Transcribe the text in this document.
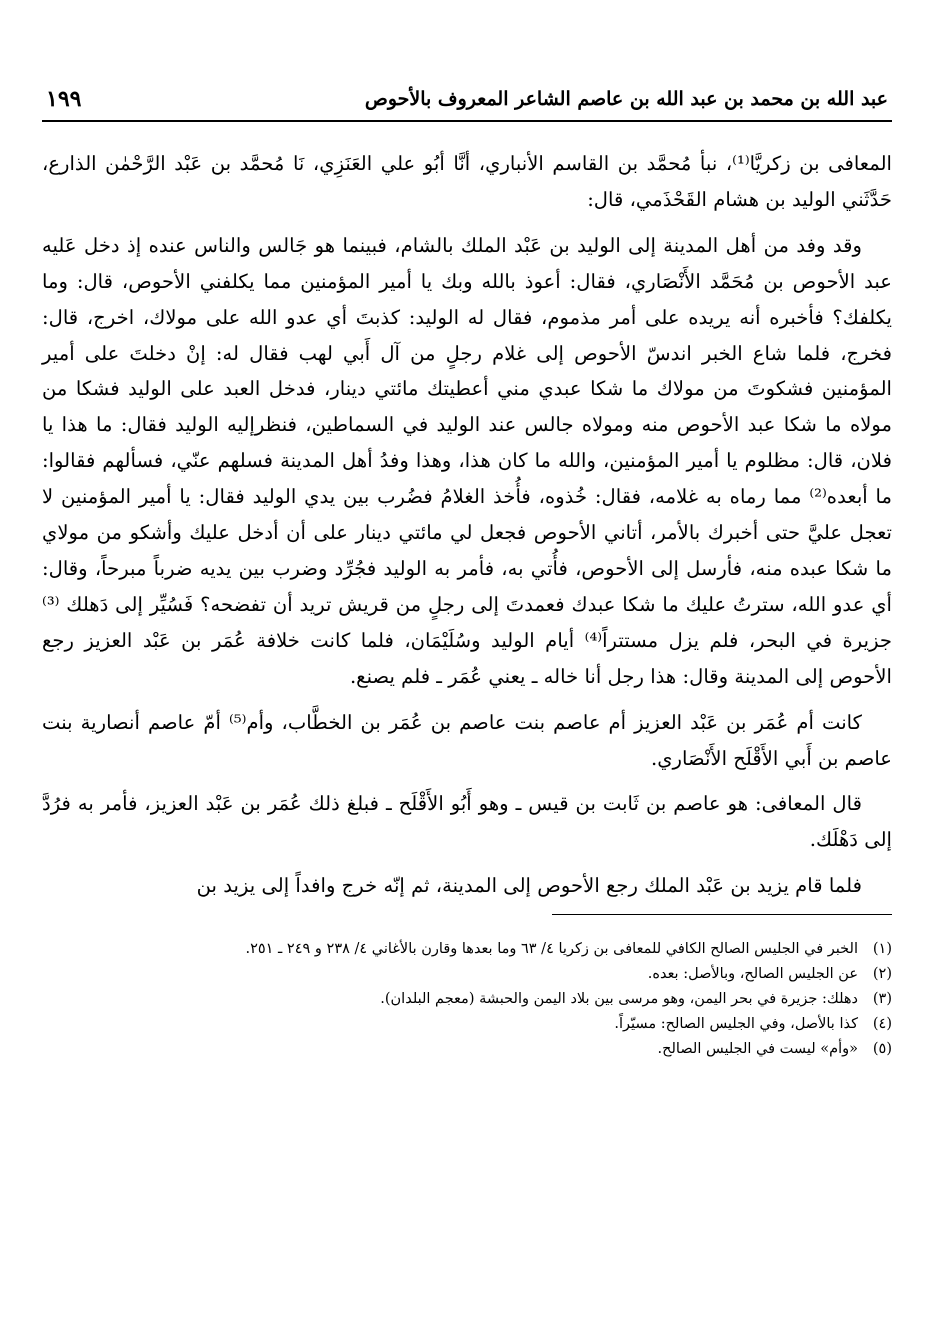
عبد الله بن محمد بن عبد الله بن عاصم الشاعر المعروف بالأحوص
١٩٩

المعافى بن زكريَّا⁽¹⁾، نبأ مُحمَّد بن القاسم الأنباري، أنَّا أبُو علي العَنَزِي، نَا مُحمَّد بن عَبْد الرَّحْمٰن الذارع، حَدَّثَني الوليد بن هشام القَحْذَمي، قال:

وقد وفد من أهل المدينة إلى الوليد بن عَبْد الملك بالشام، فبينما هو جَالس والناس عنده إذ دخل عَليه عبد الأحوص بن مُحَمَّد الأَنْصَاري، فقال: أعوذ بالله وبك يا أمير المؤمنين مما يكلفني الأحوص، قال: وما يكلفك؟ فأخبره أنه يريده على أمر مذموم، فقال له الوليد: كذبتَ أي عدو الله على مولاك، اخرج، قال: فخرج، فلما شاع الخبر اندسّ الأحوص إلى غلام رجلٍ من آل أَبي لهب فقال له: إنْ دخلتَ على أمير المؤمنين فشكوتَ من مولاك ما شكا عبدي مني أعطيتك مائتي دينار، فدخل العبد على الوليد فشكا من مولاه ما شكا عبد الأحوص منه ومولاه جالس عند الوليد في السماطين، فنظرإليه الوليد فقال: ما هذا يا فلان، قال: مظلوم يا أمير المؤمنين، والله ما كان هذا، وهذا وفدُ أهل المدينة فسلهم عنّي، فسألهم فقالوا: ما أبعده⁽²⁾ مما رماه به غلامه، فقال: خُذوه، فأُخذ الغلامُ فضُرب بين يدي الوليد فقال: يا أمير المؤمنين لا تعجل عليَّ حتى أخبرك بالأمر، أتاني الأحوص فجعل لي مائتي دينار على أن أدخل عليك وأشكو من مولاي ما شكا عبده منه، فأرسل إلى الأحوص، فأُتي به، فأمر به الوليد فجُرِّد وضرب بين يديه ضرباً مبرحاً، وقال: أي عدو الله، سترتُ عليك ما شكا عبدك فعمدتَ إلى رجلٍ من قريش تريد أن تفضحه؟ فَسُيِّر إلى دَهلك ⁽³⁾ جزيرة في البحر، فلم يزل مستتراً⁽⁴⁾ أيام الوليد وسُلَيْمَان، فلما كانت خلافة عُمَر بن عَبْد العزيز رجع الأحوص إلى المدينة وقال: هذا رجل أنا خاله ـ يعني عُمَر ـ فلم يصنع.

كانت أم عُمَر بن عَبْد العزيز أم عاصم بنت عاصم بن عُمَر بن الخطَّاب، وأم⁽⁵⁾ أمّ عاصم أنصارية بنت عاصم بن أَبي الأَقْلَح الأَنْصَاري.

قال المعافى: هو عاصم بن ثَابت بن قيس ـ وهو أَبُو الأَقْلَح ـ فبلغ ذلك عُمَر بن عَبْد العزيز، فأمر به فرُدَّ إلى دَهْلَك.

فلما قام يزيد بن عَبْد الملك رجع الأحوص إلى المدينة، ثم إنّه خرج وافداً إلى يزيد بن

(١)
الخبر في الجليس الصالح الكافي للمعافى بن زكريا ٤/ ٦٣ وما بعدها وقارن بالأغاني ٤/ ٢٣٨ و ٢٤٩ ـ ٢٥١.
(٢)
عن الجليس الصالح، وبالأصل: بعده.
(٣)
دهلك: جزيرة في بحر اليمن، وهو مرسى بين بلاد اليمن والحبشة (معجم البلدان).
(٤)
كذا بالأصل، وفي الجليس الصالح: مسيّراً.
(٥)
«وأم» ليست في الجليس الصالح.
